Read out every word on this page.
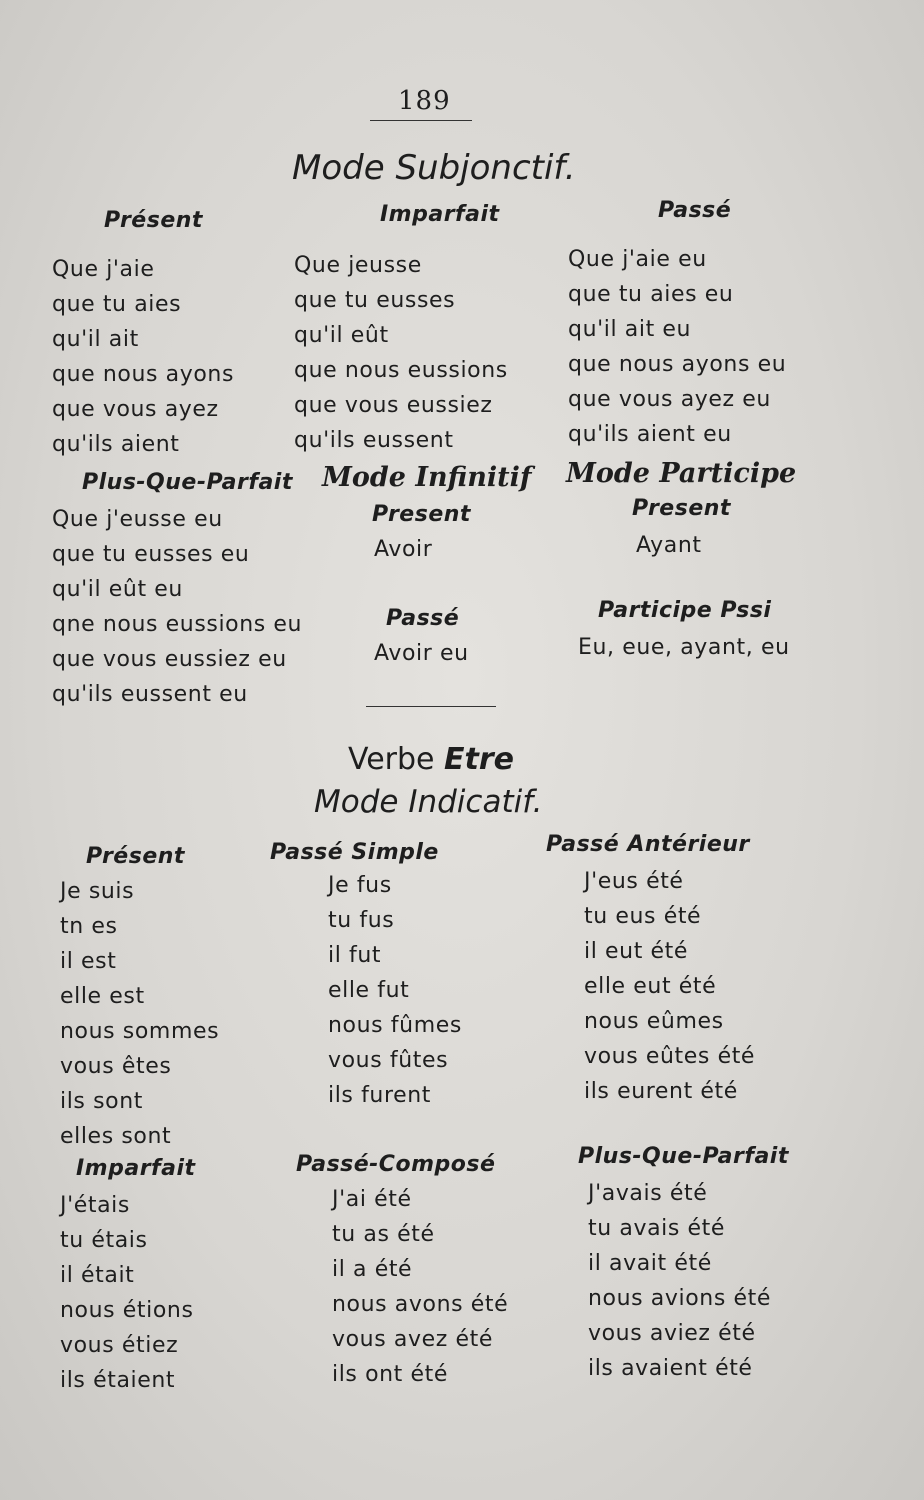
189
Mode Subjonctif.
Présent
Que j'aie
que tu aies
qu'il ait
que nous ayons
que vous ayez
qu'ils aient
Imparfait
Que jeusse
que tu eusses
qu'il eût
que nous eussions
que vous eussiez
qu'ils eussent
Passé
Que j'aie eu
que tu aies eu
qu'il ait eu
que nous ayons eu
que vous ayez eu
qu'ils aient eu
Plus-Que-Parfait
Que j'eusse eu
que tu eusses eu
qu'il eût eu
qne nous eussions eu
que vous eussiez eu
qu'ils eussent eu
Mode Infinitif
Present
Avoir
Passé
Avoir eu
Mode Participe
Present
Ayant
Participe Pssi
Eu, eue, ayant, eu
Verbe Etre
Mode Indicatif.
Présent
Je suis
tn es
il est
elle est
nous sommes
vous êtes
ils sont
elles sont
Passé Simple
Je fus
tu fus
il fut
elle fut
nous fûmes
vous fûtes
ils furent
Passé Antérieur
J'eus été
tu eus été
il eut été
elle eut été
nous eûmes
vous eûtes été
ils eurent été
Imparfait
J'étais
tu étais
il était
nous étions
vous étiez
ils étaient
Passé-Composé
J'ai été
tu as été
il a été
nous avons été
vous avez été
ils ont été
Plus-Que-Parfait
J'avais été
tu avais été
il avait été
nous avions été
vous aviez été
ils avaient été
